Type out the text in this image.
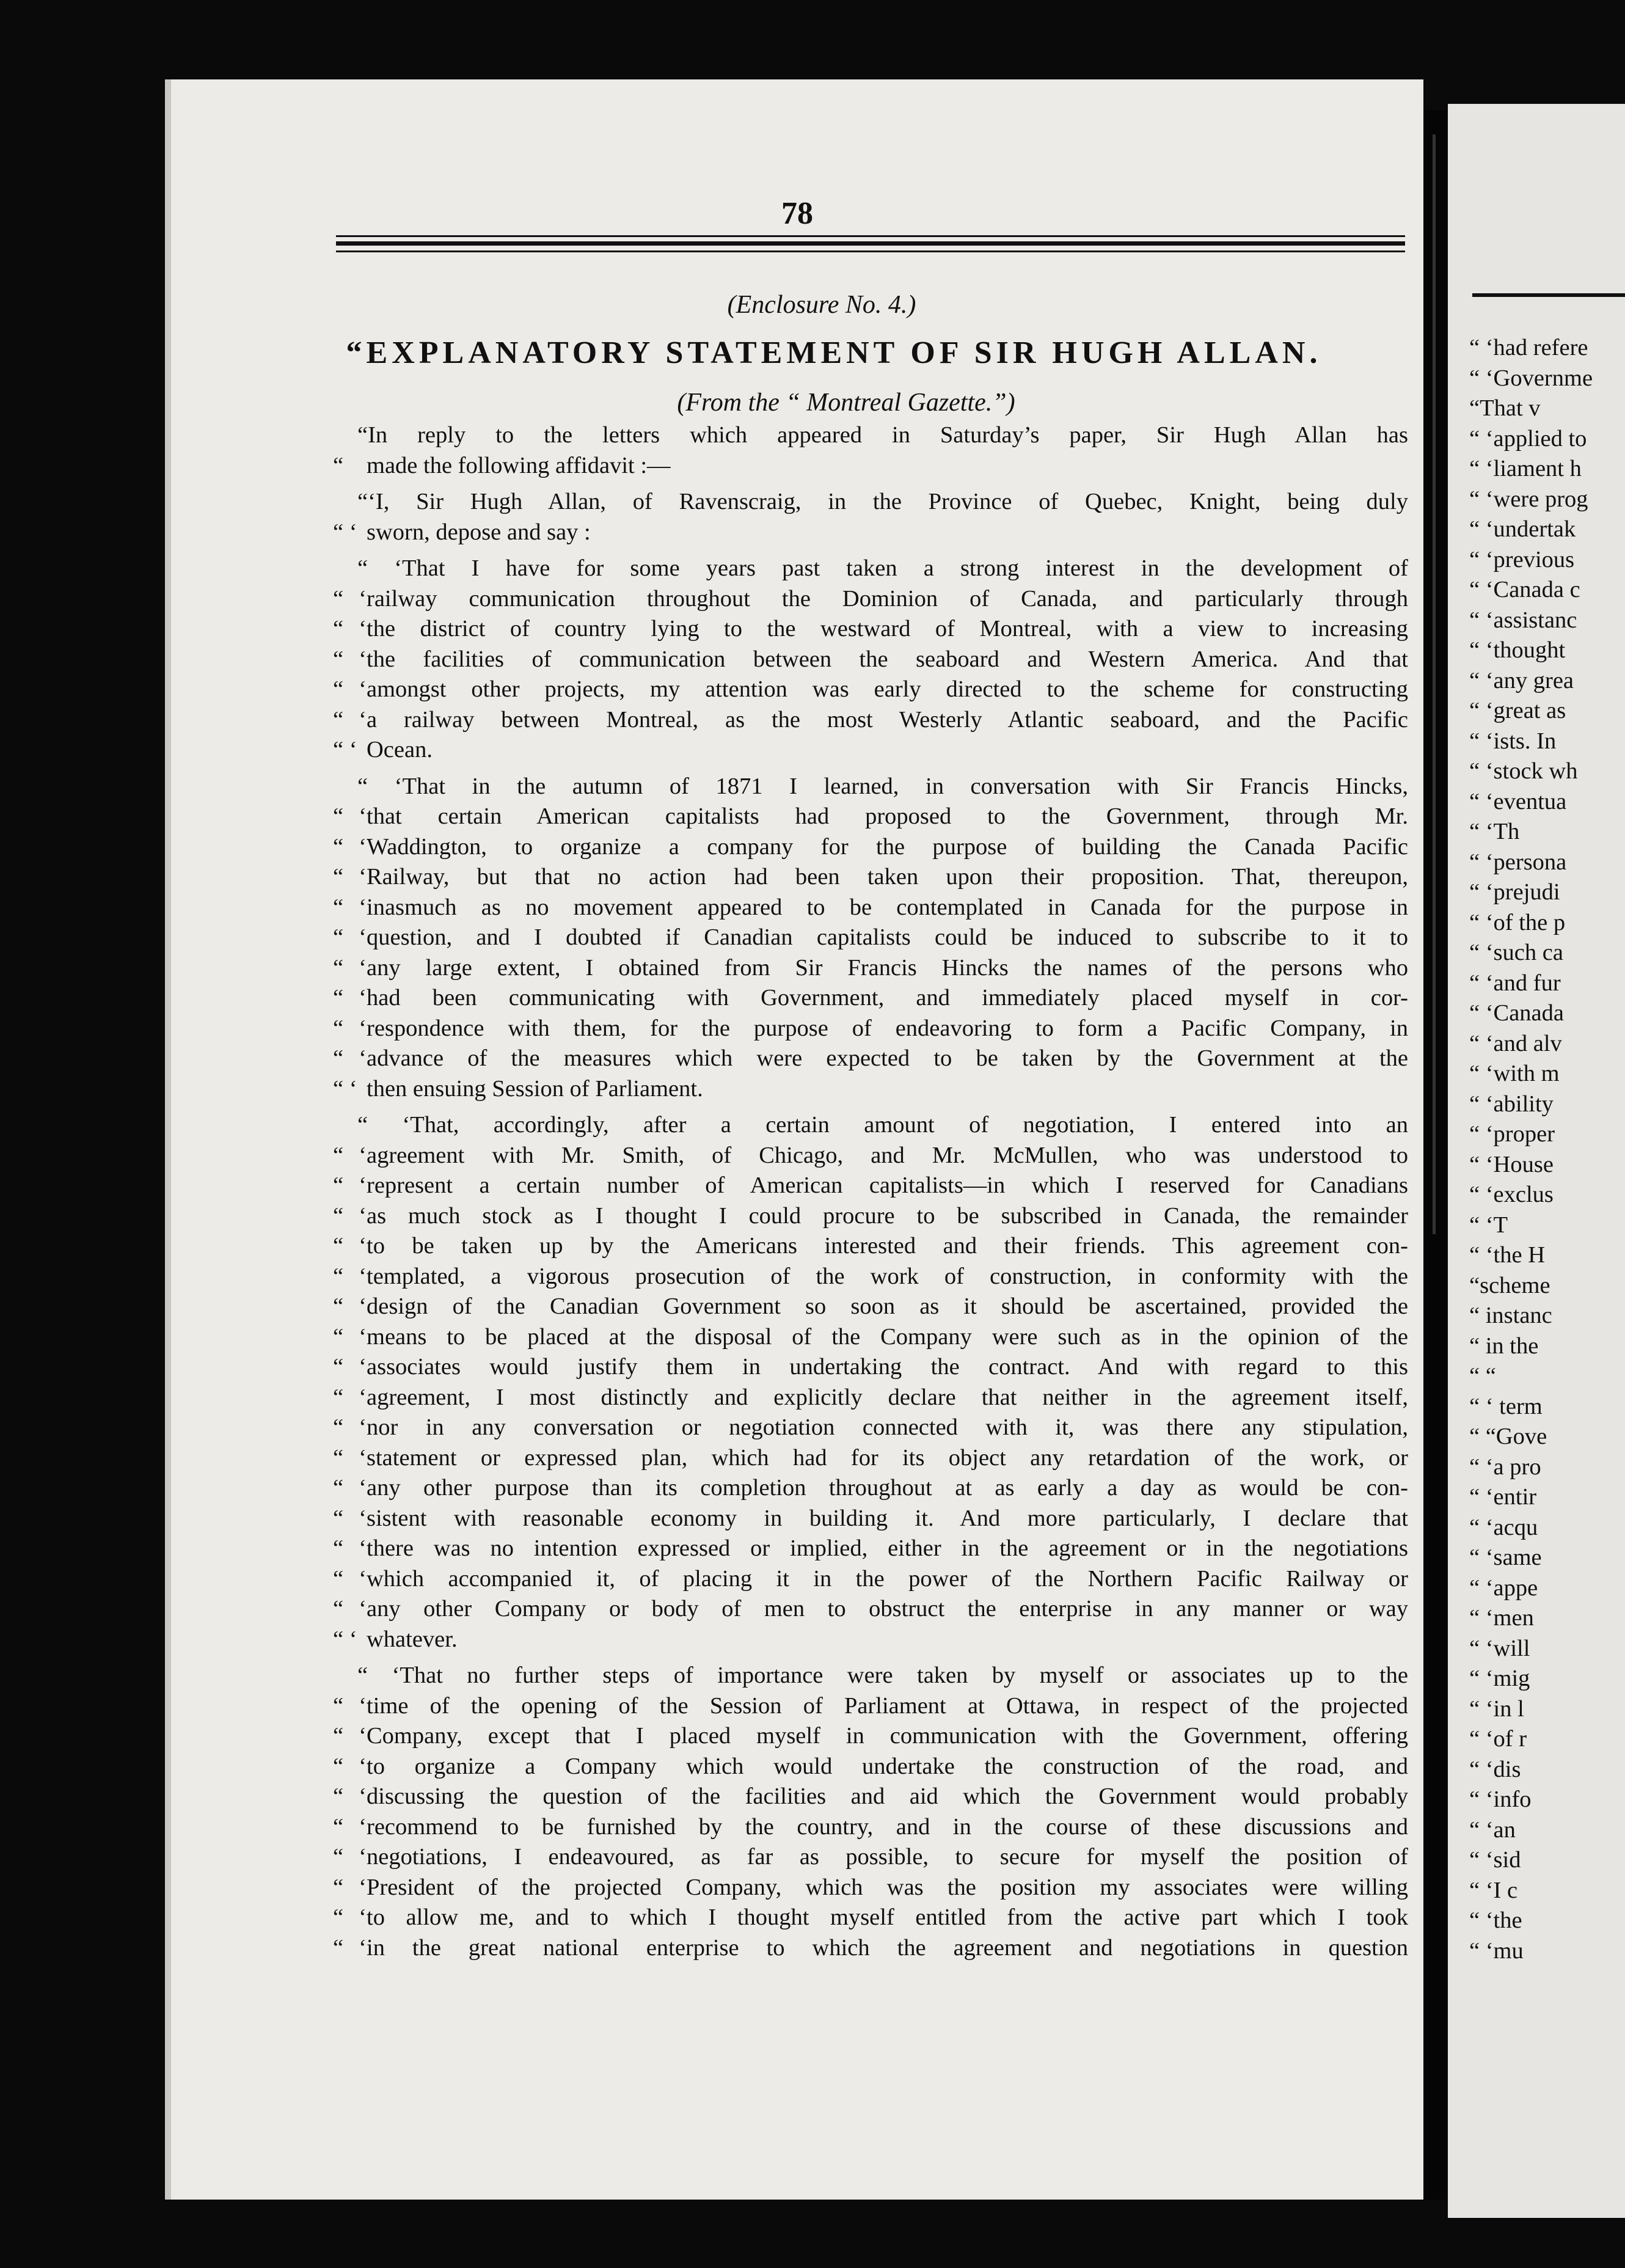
78
(Enclosure No. 4.)
“EXPLANATORY STATEMENT OF SIR HUGH ALLAN.
(From the “ Montreal Gazette.”)
“In reply to the letters which appeared in Saturday’s paper, Sir Hugh Allan has
“ made the following affidavit :—
“‘I, Sir Hugh Allan, of Ravenscraig, in the Province of Quebec, Knight, being duly
“ ‘ sworn, depose and say :
“ ‘That I have for some years past taken a strong interest in the development of
“ ‘railway communication throughout the Dominion of Canada, and particularly through
“ ‘the district of country lying to the westward of Montreal, with a view to increasing
“ ‘the facilities of communication between the seaboard and Western America. And that
“ ‘amongst other projects, my attention was early directed to the scheme for constructing
“ ‘a railway between Montreal, as the most Westerly Atlantic seaboard, and the Pacific
“ ‘ Ocean.
“ ‘That in the autumn of 1871 I learned, in conversation with Sir Francis Hincks,
“ ‘that certain American capitalists had proposed to the Government, through Mr.
“ ‘Waddington, to organize a company for the purpose of building the Canada Pacific
“ ‘Railway, but that no action had been taken upon their proposition. That, thereupon,
“ ‘inasmuch as no movement appeared to be contemplated in Canada for the purpose in
“ ‘question, and I doubted if Canadian capitalists could be induced to subscribe to it to
“ ‘any large extent, I obtained from Sir Francis Hincks the names of the persons who
“ ‘had been communicating with Government, and immediately placed myself in cor-
“ ‘respondence with them, for the purpose of endeavoring to form a Pacific Company, in
“ ‘advance of the measures which were expected to be taken by the Government at the
“ ‘ then ensuing Session of Parliament.
“ ‘That, accordingly, after a certain amount of negotiation, I entered into an
“ ‘agreement with Mr. Smith, of Chicago, and Mr. McMullen, who was understood to
“ ‘represent a certain number of American capitalists—in which I reserved for Canadians
“ ‘as much stock as I thought I could procure to be subscribed in Canada, the remainder
“ ‘to be taken up by the Americans interested and their friends. This agreement con-
“ ‘templated, a vigorous prosecution of the work of construction, in conformity with the
“ ‘design of the Canadian Government so soon as it should be ascertained, provided the
“ ‘means to be placed at the disposal of the Company were such as in the opinion of the
“ ‘associates would justify them in undertaking the contract. And with regard to this
“ ‘agreement, I most distinctly and explicitly declare that neither in the agreement itself,
“ ‘nor in any conversation or negotiation connected with it, was there any stipulation,
“ ‘statement or expressed plan, which had for its object any retardation of the work, or
“ ‘any other purpose than its completion throughout at as early a day as would be con-
“ ‘sistent with reasonable economy in building it. And more particularly, I declare that
“ ‘there was no intention expressed or implied, either in the agreement or in the negotiations
“ ‘which accompanied it, of placing it in the power of the Northern Pacific Railway or
“ ‘any other Company or body of men to obstruct the enterprise in any manner or way
“ ‘ whatever.
“ ‘That no further steps of importance were taken by myself or associates up to the
“ ‘time of the opening of the Session of Parliament at Ottawa, in respect of the projected
“ ‘Company, except that I placed myself in communication with the Government, offering
“ ‘to organize a Company which would undertake the construction of the road, and
“ ‘discussing the question of the facilities and aid which the Government would probably
“ ‘recommend to be furnished by the country, and in the course of these discussions and
“ ‘negotiations, I endeavoured, as far as possible, to secure for myself the position of
“ ‘President of the projected Company, which was the position my associates were willing
“ ‘to allow me, and to which I thought myself entitled from the active part which I took
“ ‘in the great national enterprise to which the agreement and negotiations in question
“ ‘had refere
“ ‘Governme
“That v
“ ‘applied to
“ ‘liament h
“ ‘were prog
“ ‘undertak
“ ‘previous
“ ‘Canada c
“ ‘assistanc
“ ‘thought
“ ‘any grea
“ ‘great as
“ ‘ists. In
“ ‘stock wh
“ ‘eventua
“ ‘Th
“ ‘persona
“ ‘prejudi
“ ‘of the p
“ ‘such ca
“ ‘and fur
“ ‘Canada
“ ‘and alv
“ ‘with m
“ ‘ability
“ ‘proper
“ ‘House
“ ‘exclus
“ ‘T
“ ‘the H
“scheme
“ instanc
“ in the
“ “
“ ‘ term
“ “Gove
“ ‘a pro
“ ‘entir
“ ‘acqu
“ ‘same
“ ‘appe
“ ‘men
“ ‘will
“ ‘mig
“ ‘in l
“ ‘of r
“ ‘dis
“ ‘info
“ ‘an
“ ‘sid
“ ‘I c
“ ‘the
“ ‘mu
